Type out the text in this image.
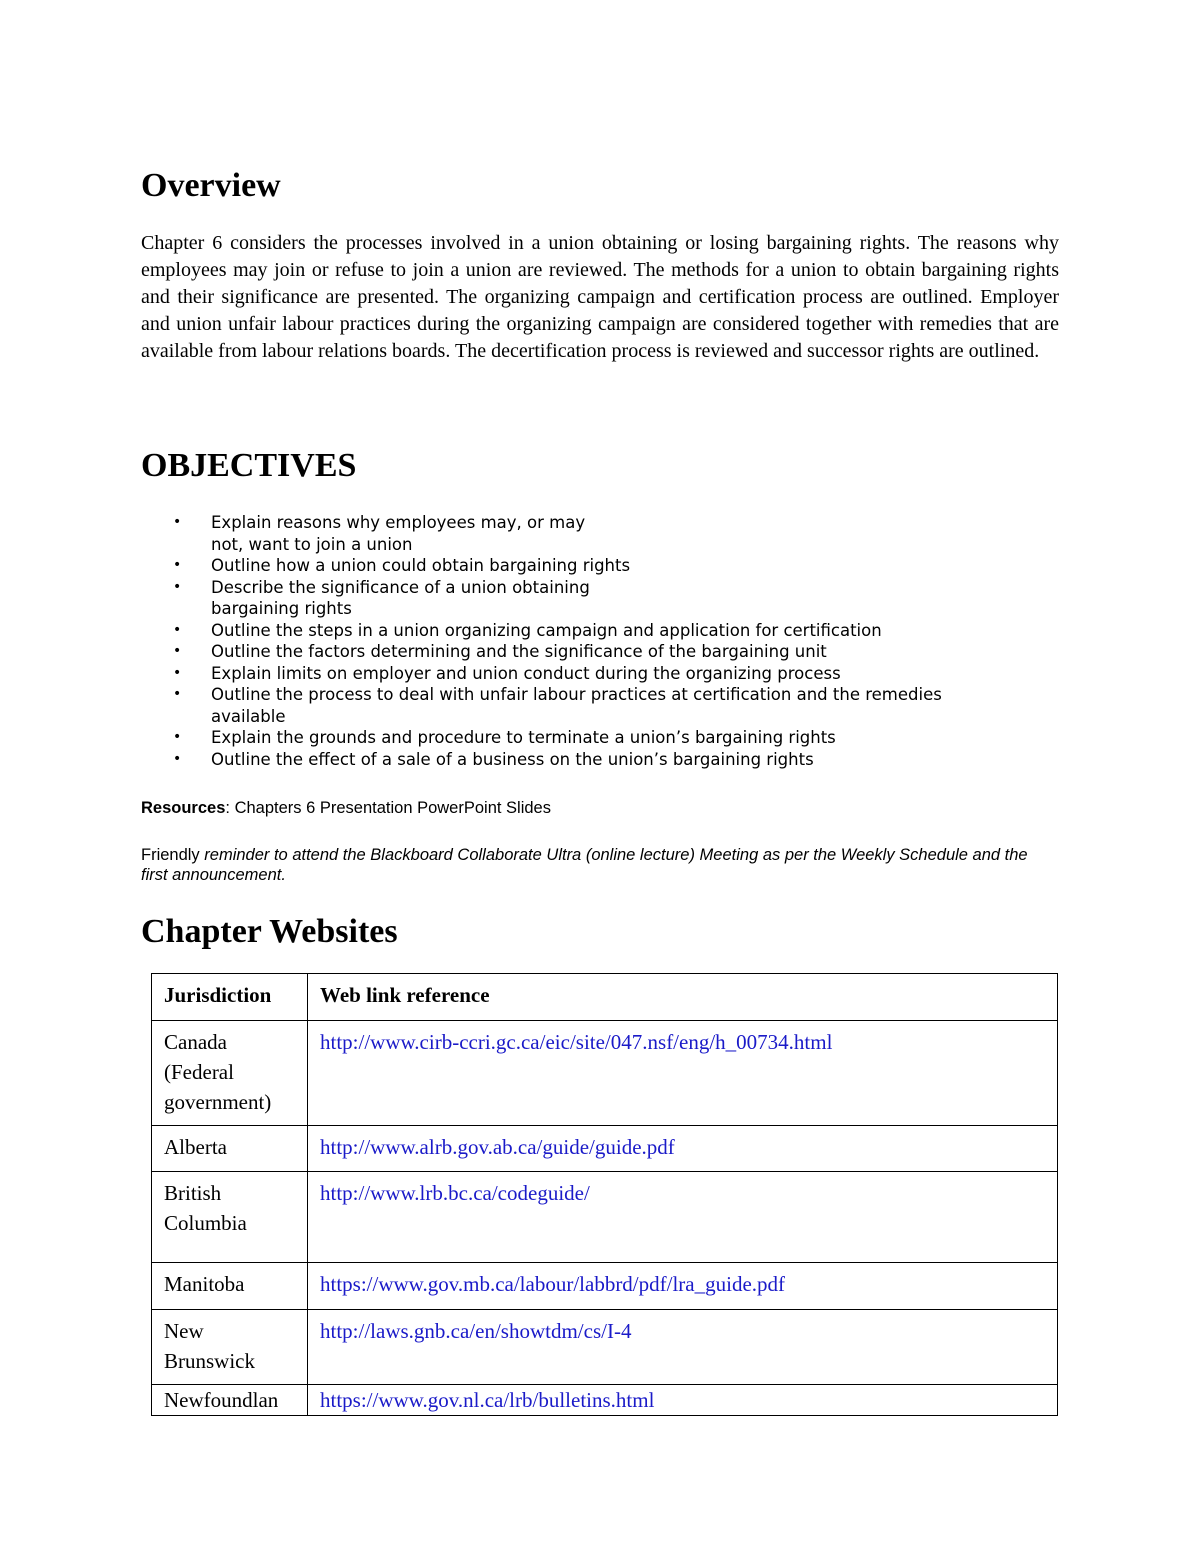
Overview

Chapter 6 considers the processes involved in a union obtaining or losing bargaining rights. The reasons why employees may join or refuse to join a union are reviewed. The methods for a union to obtain bargaining rights and their significance are presented. The organizing campaign and certification process are outlined. Employer and union unfair labour practices during the organizing campaign are considered together with remedies that are available from labour relations boards. The decertification process is reviewed and successor rights are outlined.

OBJECTIVES
• Explain reasons why employees may, or may
not, want to join a union
• Outline how a union could obtain bargaining rights
• Describe the significance of a union obtaining
bargaining rights
• Outline the steps in a union organizing campaign and application for certification
• Outline the factors determining and the significance of the bargaining unit
• Explain limits on employer and union conduct during the organizing process
• Outline the process to deal with unfair labour practices at certification and the remedies
available
• Explain the grounds and procedure to terminate a union’s bargaining rights
• Outline the effect of a sale of a business on the union’s bargaining rights

Resources: Chapters 6 Presentation PowerPoint Slides

Friendly reminder to attend the Blackboard Collaborate Ultra (online lecture) Meeting as per the Weekly Schedule and the first announcement.

Chapter Websites
Jurisdiction	Web link reference
Canada (Federal government)	http://www.cirb-ccri.gc.ca/eic/site/047.nsf/eng/h_00734.html
Alberta	http://www.alrb.gov.ab.ca/guide/guide.pdf
British Columbia	http://www.lrb.bc.ca/codeguide/
Manitoba	https://www.gov.mb.ca/labour/labbrd/pdf/lra_guide.pdf
New Brunswick	http://laws.gnb.ca/en/showtdm/cs/I-4
Newfoundlan	https://www.gov.nl.ca/lrb/bulletins.html
